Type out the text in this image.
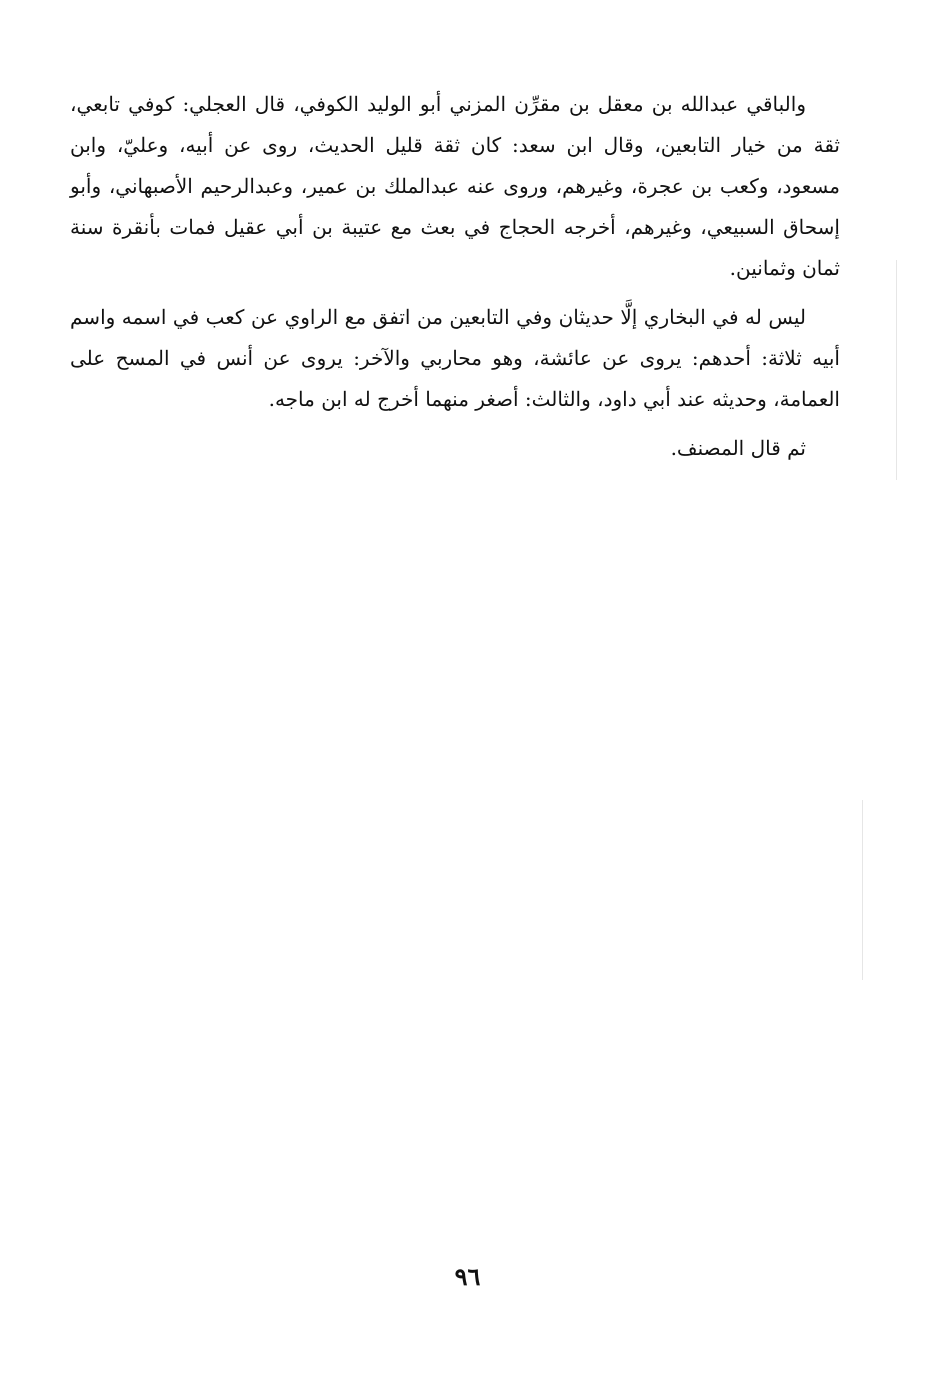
والباقي عبدالله بن معقل بن مقرِّن المزني أبو الوليد الكوفي، قال العجلي: كوفي تابعي، ثقة من خيار التابعين، وقال ابن سعد: كان ثقة قليل الحديث، روى عن أبيه، وعليّ، وابن مسعود، وكعب بن عجرة، وغيرهم، وروى عنه عبدالملك بن عمير، وعبدالرحيم الأصبهاني، وأبو إسحاق السبيعي، وغيرهم، أخرجه الحجاج في بعث مع عتيبة بن أبي عقيل فمات بأنقرة سنة ثمان وثمانين.

ليس له في البخاري إلَّا حديثان وفي التابعين من اتفق مع الراوي عن كعب في اسمه واسم أبيه ثلاثة: أحدهم: يروى عن عائشة، وهو محاربي والآخر: يروى عن أنس في المسح على العمامة، وحديثه عند أبي داود، والثالث: أصغر منهما أخرج له ابن ماجه.

ثم قال المصنف.

٩٦
